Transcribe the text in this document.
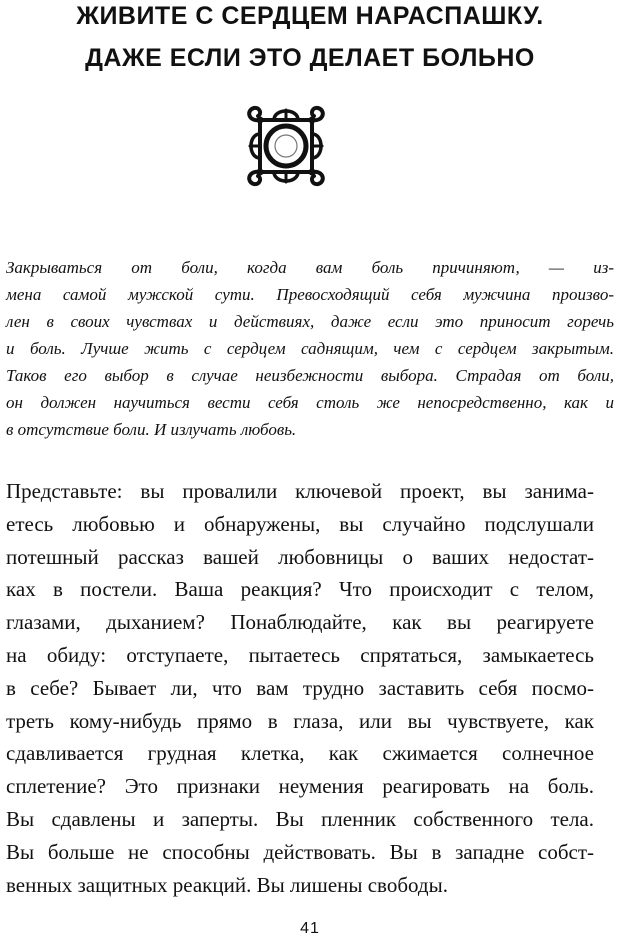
ЖИВИТЕ С СЕРДЦЕМ НАРАСПАШКУ.
ДАЖЕ ЕСЛИ ЭТО ДЕЛАЕТ БОЛЬНО
Закрываться от боли, когда вам боль причиняют, — из-
мена самой мужской сути. Превосходящий себя мужчина произво-
лен в своих чувствах и действиях, даже если это приносит горечь
и боль. Лучше жить с сердцем саднящим, чем с сердцем закрытым.
Таков его выбор в случае неизбежности выбора. Страдая от боли,
он должен научиться вести себя столь же непосредственно, как и
в отсутствие боли. И излучать любовь.
Представьте: вы провалили ключевой проект, вы занима-
етесь любовью и обнаружены, вы случайно подслушали
потешный рассказ вашей любовницы о ваших недостат-
ках в постели. Ваша реакция? Что происходит с телом,
глазами, дыханием? Понаблюдайте, как вы реагируете
на обиду: отступаете, пытаетесь спрятаться, замыкаетесь
в себе? Бывает ли, что вам трудно заставить себя посмо-
треть кому-нибудь прямо в глаза, или вы чувствуете, как
сдавливается грудная клетка, как сжимается солнечное
сплетение? Это признаки неумения реагировать на боль.
Вы сдавлены и заперты. Вы пленник собственного тела.
Вы больше не способны действовать. Вы в западне собст-
венных защитных реакций. Вы лишены свободы.
41
